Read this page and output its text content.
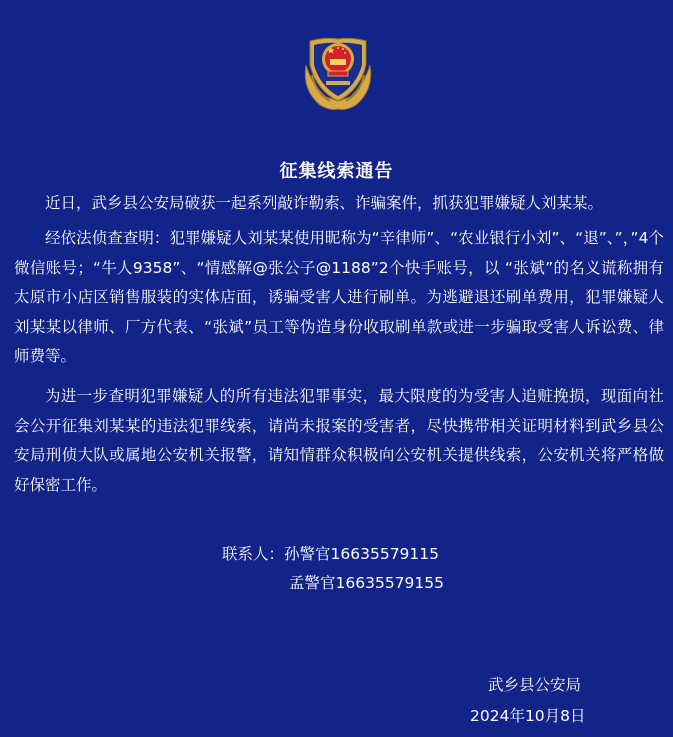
征集线索通告

近日，武乡县公安局破获一起系列敲诈勒索、诈骗案件，抓获犯罪嫌疑人刘某某。

经依法侦查查明：犯罪嫌疑人刘某某使用昵称为“辛律师”、“农业银行小刘”、“退”、”，”4个微信账号；“牛人9358”、“情感解@张公子@1188”2个快手账号，以 “张斌”的名义谎称拥有太原市小店区销售服装的实体店面，诱骗受害人进行刷单。为逃避退还刷单费用，犯罪嫌疑人刘某某以律师、厂方代表、“张斌”员工等伪造身份收取刷单款或进一步骗取受害人诉讼费、律师费等。

为进一步查明犯罪嫌疑人的所有违法犯罪事实，最大限度的为受害人追赃挽损，现面向社会公开征集刘某某的违法犯罪线索，请尚未报案的受害者，尽快携带相关证明材料到武乡县公安局刑侦大队或属地公安机关报警，请知情群众积极向公安机关提供线索，公安机关将严格做好保密工作。

联系人：孙警官16635579115
孟警官16635579155
武乡县公安局
2024年10月8日
